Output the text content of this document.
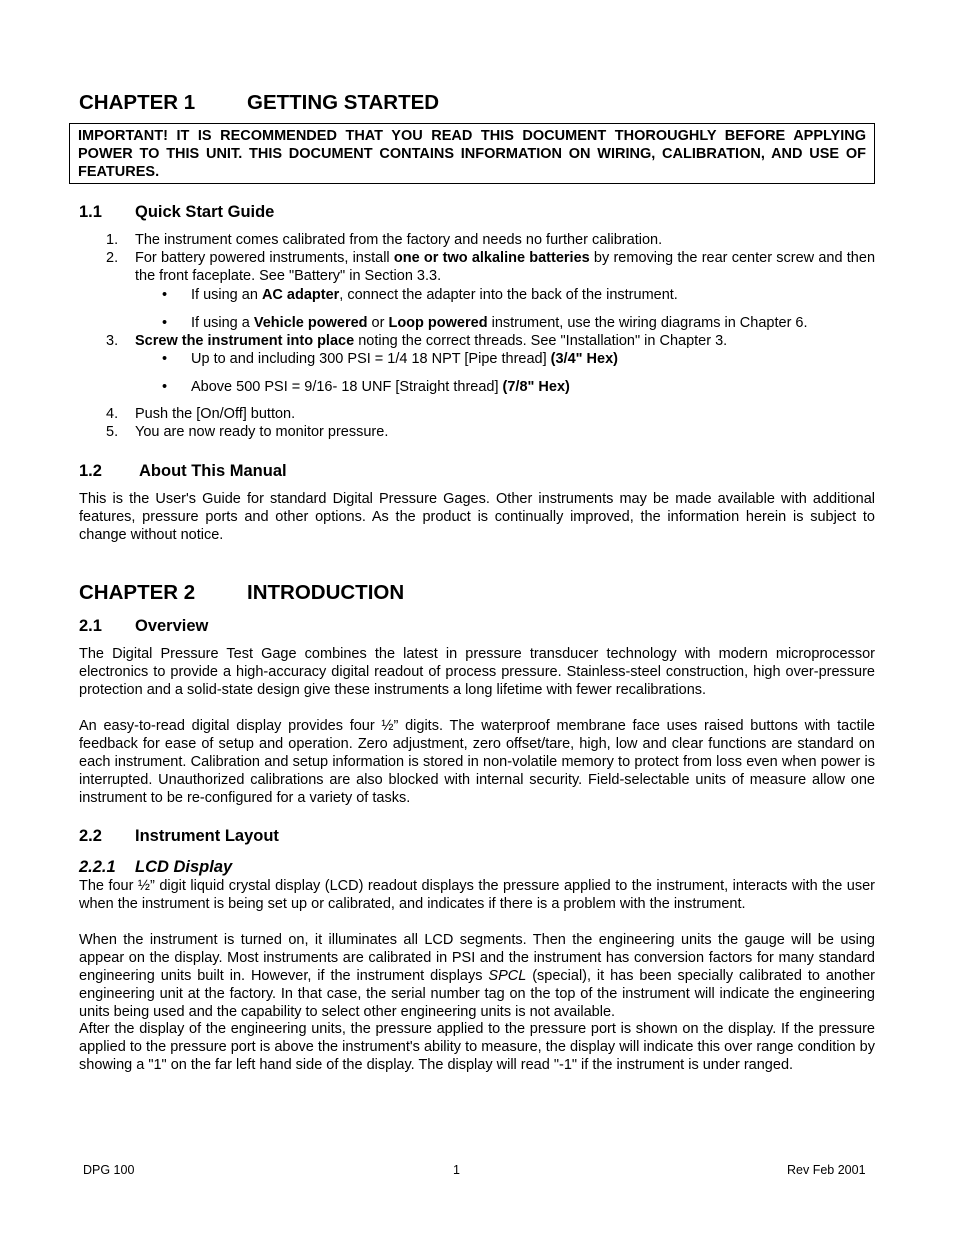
CHAPTER 1	GETTING STARTED
IMPORTANT! IT IS RECOMMENDED THAT YOU READ THIS DOCUMENT THOROUGHLY BEFORE APPLYING POWER TO THIS UNIT. THIS DOCUMENT CONTAINS INFORMATION ON WIRING, CALIBRATION, AND USE OF FEATURES.
1.1 Quick Start Guide
1. The instrument comes calibrated from the factory and needs no further calibration.
2. For battery powered instruments, install one or two alkaline batteries by removing the rear center screw and then the front faceplate. See "Battery" in Section 3.3.
• If using an AC adapter, connect the adapter into the back of the instrument.
• If using a Vehicle powered or Loop powered instrument, use the wiring diagrams in Chapter 6.
3. Screw the instrument into place noting the correct threads. See "Installation" in Chapter 3.
• Up to and including 300 PSI = 1/4 18 NPT [Pipe thread] (3/4" Hex)
• Above 500 PSI = 9/16- 18 UNF [Straight thread] (7/8" Hex)
4. Push the [On/Off] button.
5. You are now ready to monitor pressure.
1.2 About This Manual

This is the User's Guide for standard Digital Pressure Gages. Other instruments may be made available with additional features, pressure ports and other options. As the product is continually improved, the information herein is subject to change without notice.

CHAPTER 2	INTRODUCTION
2.1 Overview

The Digital Pressure Test Gage combines the latest in pressure transducer technology with modern microprocessor electronics to provide a high-accuracy digital readout of process pressure. Stainless-steel construction, high over-pressure protection and a solid-state design give these instruments a long lifetime with fewer recalibrations.

An easy-to-read digital display provides four ½” digits. The waterproof membrane face uses raised buttons with tactile feedback for ease of setup and operation. Zero adjustment, zero offset/tare, high, low and clear functions are standard on each instrument. Calibration and setup information is stored in non-volatile memory to protect from loss even when power is interrupted. Unauthorized calibrations are also blocked with internal security. Field-selectable units of measure allow one instrument to be re-configured for a variety of tasks.

2.2 Instrument Layout
2.2.1 LCD Display

The four ½” digit liquid crystal display (LCD) readout displays the pressure applied to the instrument, interacts with the user when the instrument is being set up or calibrated, and indicates if there is a problem with the instrument.

When the instrument is turned on, it illuminates all LCD segments. Then the engineering units the gauge will be using appear on the display. Most instruments are calibrated in PSI and the instrument has conversion factors for many standard engineering units built in. However, if the instrument displays SPCL (special), it has been specially calibrated to another engineering unit at the factory. In that case, the serial number tag on the top of the instrument will indicate the engineering units being used and the capability to select other engineering units is not available.

After the display of the engineering units, the pressure applied to the pressure port is shown on the display. If the pressure applied to the pressure port is above the instrument's ability to measure, the display will indicate this over range condition by showing a "1" on the far left hand side of the display. The display will read "-1" if the instrument is under ranged.

DPG 100	1	Rev Feb 2001
